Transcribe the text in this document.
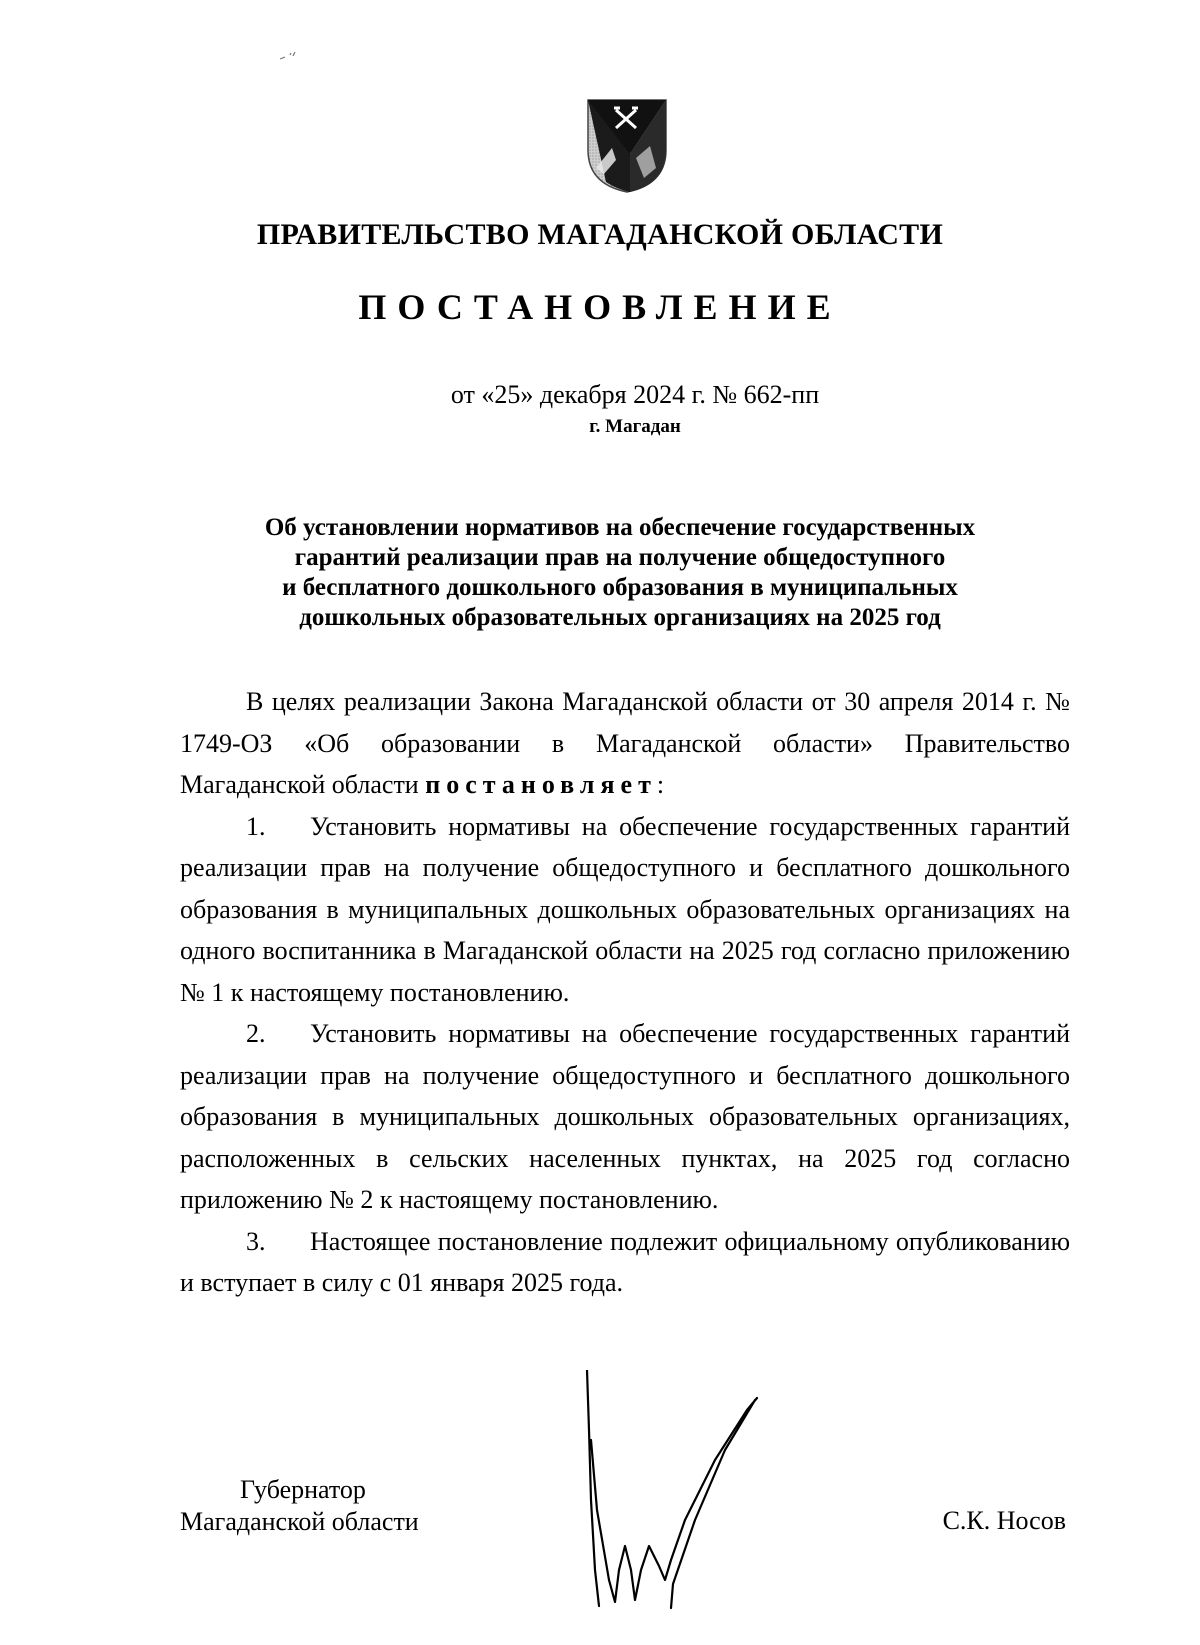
ПРАВИТЕЛЬСТВО МАГАДАНСКОЙ ОБЛАСТИ
ПОСТАНОВЛЕНИЕ
от «25» декабря 2024 г. № 662-пп
г. Магадан
Об установлении нормативов на обеспечение государственных
гарантий реализации прав на получение общедоступного
и бесплатного дошкольного образования в муниципальных
дошкольных образовательных организациях на 2025 год

В целях реализации Закона Магаданской области от 30 апреля 2014 г. № 1749-ОЗ «Об образовании в Магаданской области» Правительство Магаданской области постановляет:

1. Установить нормативы на обеспечение государственных гарантий реализации прав на получение общедоступного и бесплатного дошкольного образования в муниципальных дошкольных образовательных организациях на одного воспитанника в Магаданской области на 2025 год согласно приложению № 1 к настоящему постановлению.

2. Установить нормативы на обеспечение государственных гарантий реализации прав на получение общедоступного и бесплатного дошкольного образования в муниципальных дошкольных образовательных организациях, расположенных в сельских населенных пунктах, на 2025 год согласно приложению № 2 к настоящему постановлению.

3. Настоящее постановление подлежит официальному опубликованию и вступает в силу с 01 января 2025 года.

Губернатор
Магаданской области	С.К. Носов
